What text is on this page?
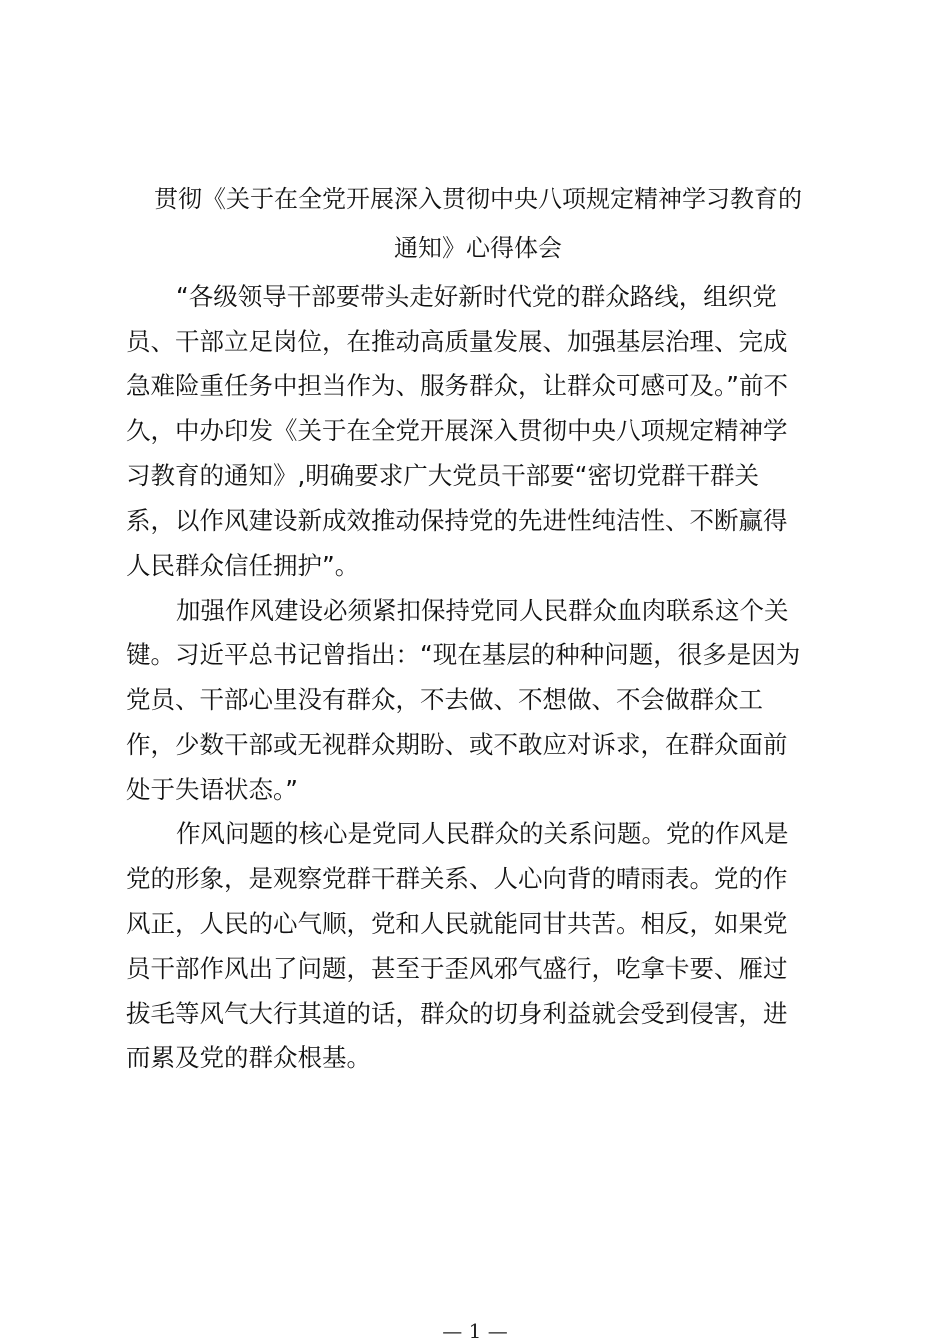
贯彻《关于在全党开展深入贯彻中央八项规定精神学习教育的
通知》心得体会
“各级领导干部要带头走好新时代党的群众路线，组织党
员、干部立足岗位，在推动高质量发展、加强基层治理、完成
急难险重任务中担当作为、服务群众，让群众可感可及。”前不
久，中办印发《关于在全党开展深入贯彻中央八项规定精神学
习教育的通知》,明确要求广大党员干部要“密切党群干群关
系，以作风建设新成效推动保持党的先进性纯洁性、不断赢得
人民群众信任拥护”。
加强作风建设必须紧扣保持党同人民群众血肉联系这个关
键。习近平总书记曾指出：“现在基层的种种问题，很多是因为
党员、干部心里没有群众，不去做、不想做、不会做群众工
作，少数干部或无视群众期盼、或不敢应对诉求，在群众面前
处于失语状态。”
作风问题的核心是党同人民群众的关系问题。党的作风是
党的形象，是观察党群干群关系、人心向背的晴雨表。党的作
风正，人民的心气顺，党和人民就能同甘共苦。相反，如果党
员干部作风出了问题，甚至于歪风邪气盛行，吃拿卡要、雁过
拔毛等风气大行其道的话，群众的切身利益就会受到侵害，进
而累及党的群众根基。
— 1 —
